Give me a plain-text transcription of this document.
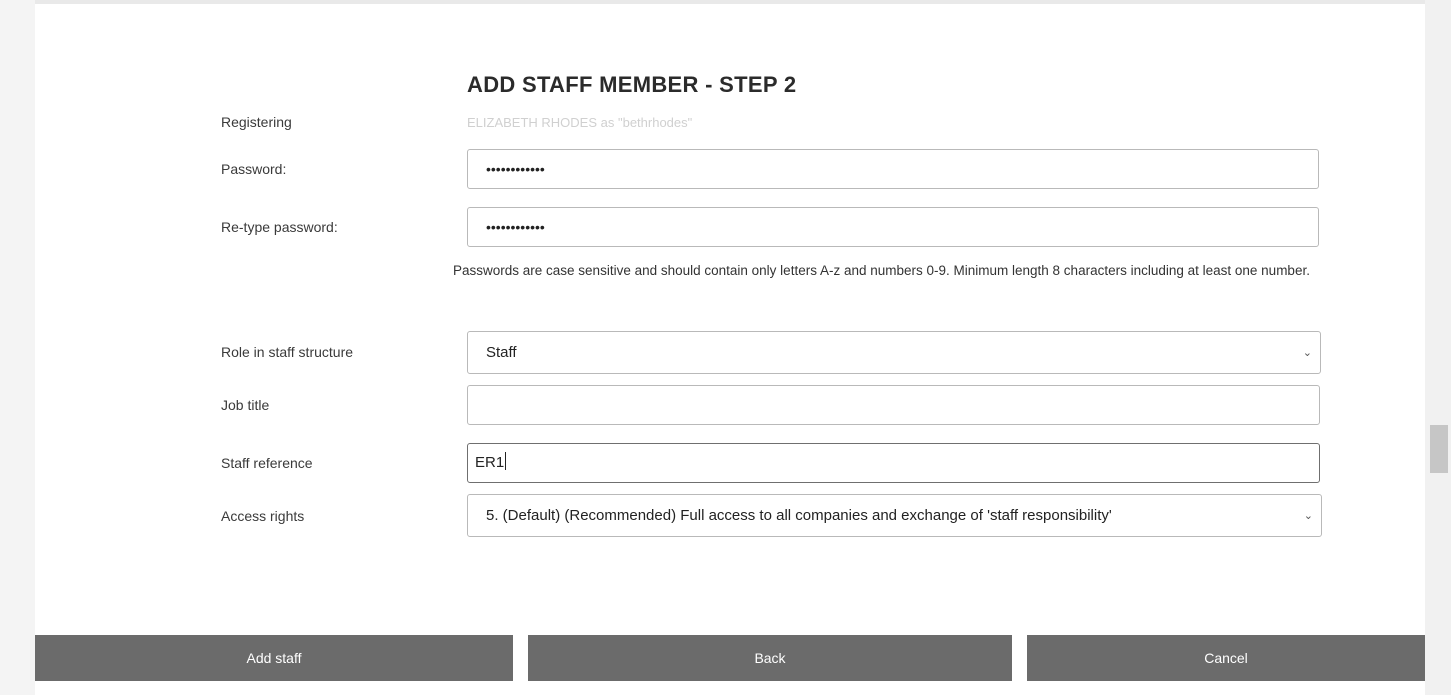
ADD STAFF MEMBER - STEP 2
Registering	ELIZABETH RHODES as "bethrhodes"
Password:	••••••••••••
Re-type password:	••••••••••••
Passwords are case sensitive and should contain only letters A-z and numbers 0-9. Minimum length 8 characters including at least one number.
Role in staff structure	Staff	⌄
Job title
Staff reference	ER1
Access rights	5. (Default) (Recommended) Full access to all companies and exchange of 'staff responsibility'	⌄
Add staff	Back	Cancel
